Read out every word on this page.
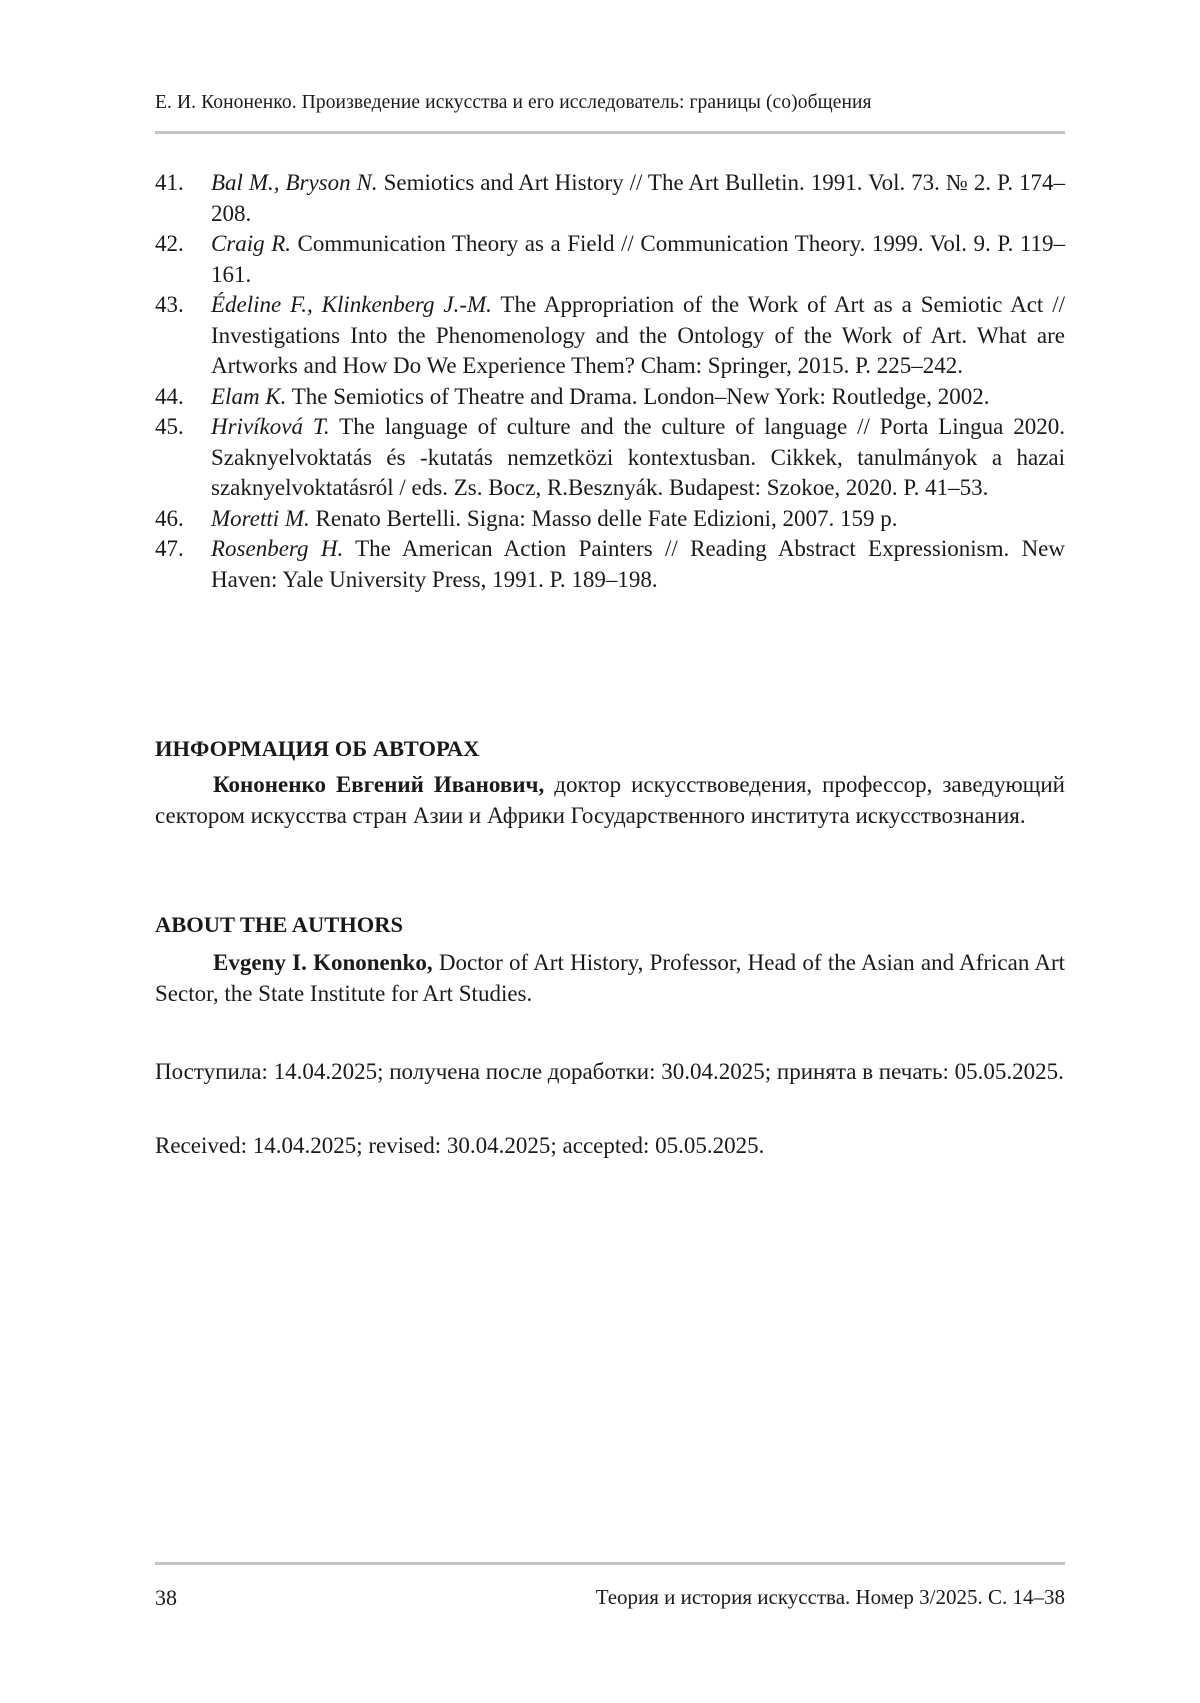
Е. И. Кононенко. Произведение искусства и его исследователь: границы (со)общения
41. Bal M., Bryson N. Semiotics and Art History // The Art Bulletin. 1991. Vol. 73. № 2. P. 174–208.
42. Craig R. Communication Theory as a Field // Communication Theory. 1999. Vol. 9. P. 119–161.
43. Édeline F., Klinkenberg J.-M. The Appropriation of the Work of Art as a Semiotic Act // Investigations Into the Phenomenology and the Ontology of the Work of Art. What are Artworks and How Do We Experience Them? Cham: Springer, 2015. P. 225–242.
44. Elam K. The Semiotics of Theatre and Drama. London–New York: Routledge, 2002.
45. Hrivíková T. The language of culture and the culture of language // Porta Lingua 2020. Szaknyelvoktatás és -kutatás nemzetközi kontextusban. Cikkek, tanulmányok a hazai szaknyelvoktatásról / eds. Zs. Bocz, R.Besznyák. Budapest: Szokoe, 2020. P. 41–53.
46. Moretti M. Renato Bertelli. Signa: Masso delle Fate Edizioni, 2007. 159 p.
47. Rosenberg H. The American Action Painters // Reading Abstract Expressionism. New Haven: Yale University Press, 1991. P. 189–198.
ИНФОРМАЦИЯ ОБ АВТОРАХ

Кононенко Евгений Иванович, доктор искусствоведения, профессор, заведующий сектором искусства стран Азии и Африки Государственного института искусствознания.

ABOUT THE AUTHORS

Evgeny I. Kononenko, Doctor of Art History, Professor, Head of the Asian and African Art Sector, the State Institute for Art Studies.

Поступила: 14.04.2025; получена после доработки: 30.04.2025; принята в печать: 05.05.2025.

Received: 14.04.2025; revised: 30.04.2025; accepted: 05.05.2025.

38	Теория и история искусства. Номер 3/2025. С. 14–38
